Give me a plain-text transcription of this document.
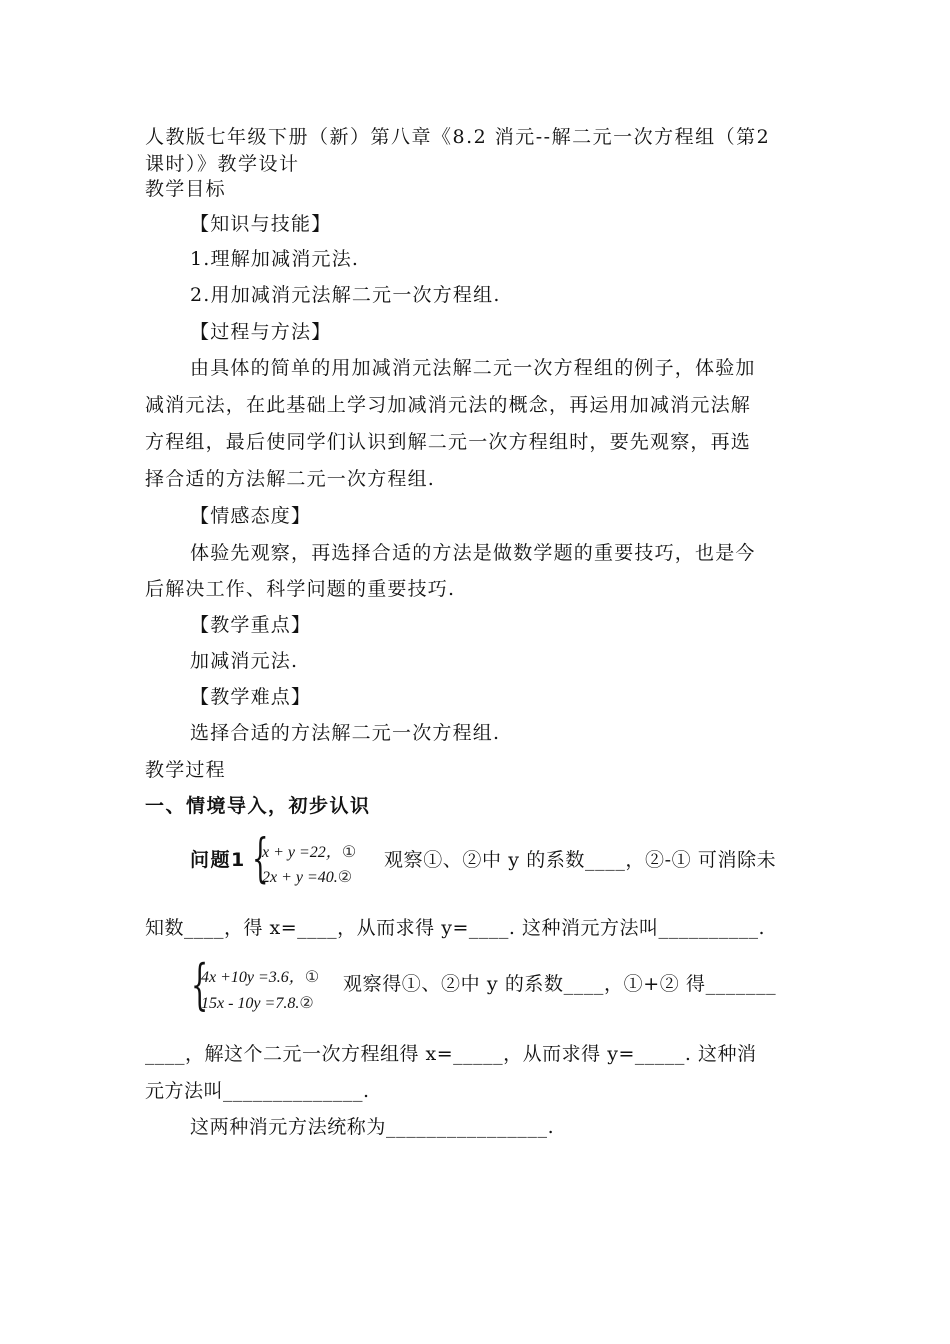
人教版七年级下册（新）第八章《8.2 消元--解二元一次方程组（第2
课时）》教学设计
教学目标
【知识与技能】
1.理解加减消元法.
2.用加减消元法解二元一次方程组.
【过程与方法】
由具体的简单的用加减消元法解二元一次方程组的例子，体验加
减消元法，在此基础上学习加减消元法的概念，再运用加减消元法解
方程组，最后使同学们认识到解二元一次方程组时，要先观察，再选
择合适的方法解二元一次方程组.
【情感态度】
体验先观察，再选择合适的方法是做数学题的重要技巧，也是今
后解决工作、科学问题的重要技巧.
【教学重点】
加减消元法.
【教学难点】
选择合适的方法解二元一次方程组.
教学过程
一、情境导入，初步认识
问题1 {
x + y =22，①
2x + y =40.②
观察①、②中 y 的系数____，②-① 可消除未
知数____，得 x=____，从而求得 y=____. 这种消元方法叫__________.
{
4x +10y =3.6，①
15x - 10y =7.8.②
观察得①、②中 y 的系数____，①+② 得_______
____，解这个二元一次方程组得 x=_____，从而求得 y=_____. 这种消
元方法叫______________.
这两种消元方法统称为________________.
